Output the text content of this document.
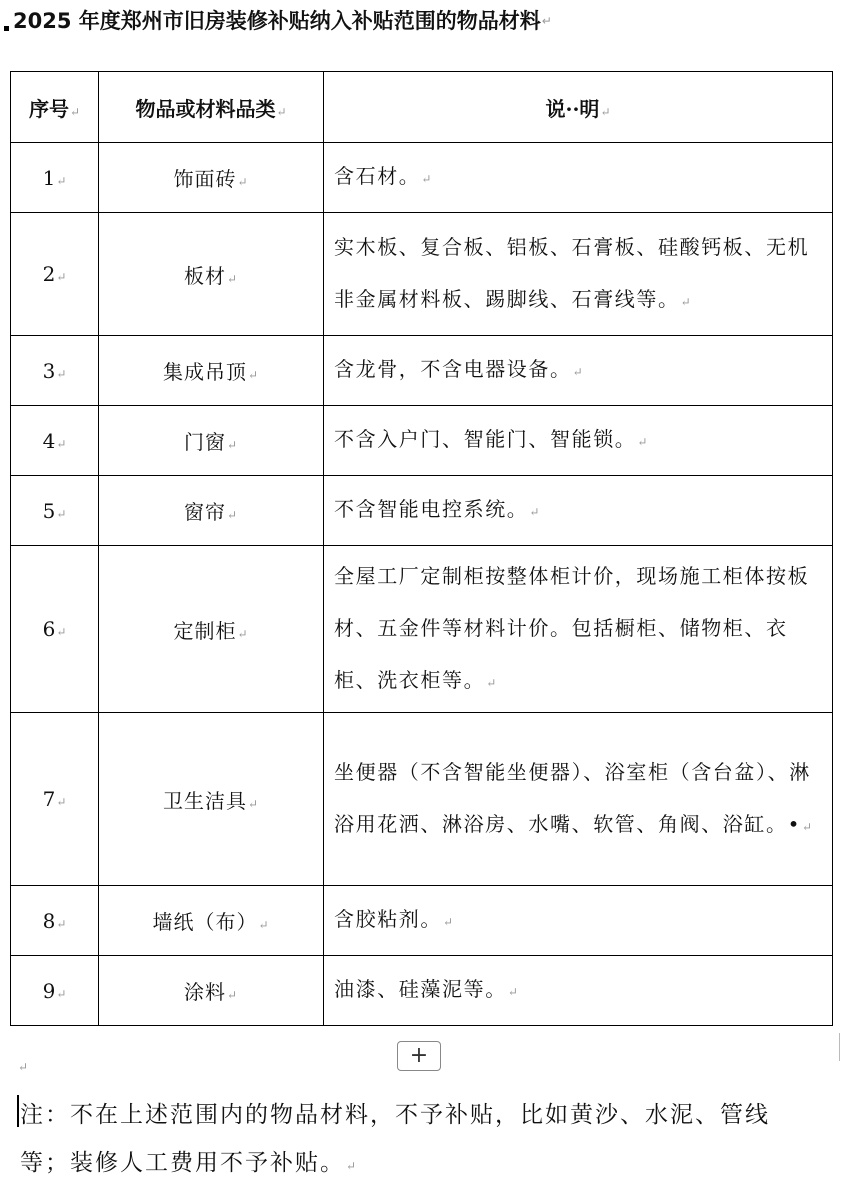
2025 年度郑州市旧房装修补贴纳入补贴范围的物品材料 ↵
序号↵	物品或材料品类↵	说··明↵
1↵	饰面砖↵	含石材。↵
2↵	板材↵	实木板、复合板、铝板、石膏板、硅酸钙板、无机非金属材料板、踢脚线、石膏线等。↵
3↵	集成吊顶↵	含龙骨，不含电器设备。↵
4↵	门窗↵	不含入户门、智能门、智能锁。↵
5↵	窗帘↵	不含智能电控系统。↵
6↵	定制柜↵	全屋工厂定制柜按整体柜计价，现场施工柜体按板材、五金件等材料计价。包括橱柜、储物柜、衣柜、洗衣柜等。↵
7↵	卫生洁具↵	坐便器（不含智能坐便器）、浴室柜（含台盆）、淋浴用花洒、淋浴房、水嘴、软管、角阀、浴缸。•↵
8↵	墙纸（布）↵	含胶粘剂。↵
9↵	涂料↵	油漆、硅藻泥等。↵
↵	+
注：不在上述范围内的物品材料，不予补贴，比如黄沙、水泥、管线等；装修人工费用不予补贴。↵
